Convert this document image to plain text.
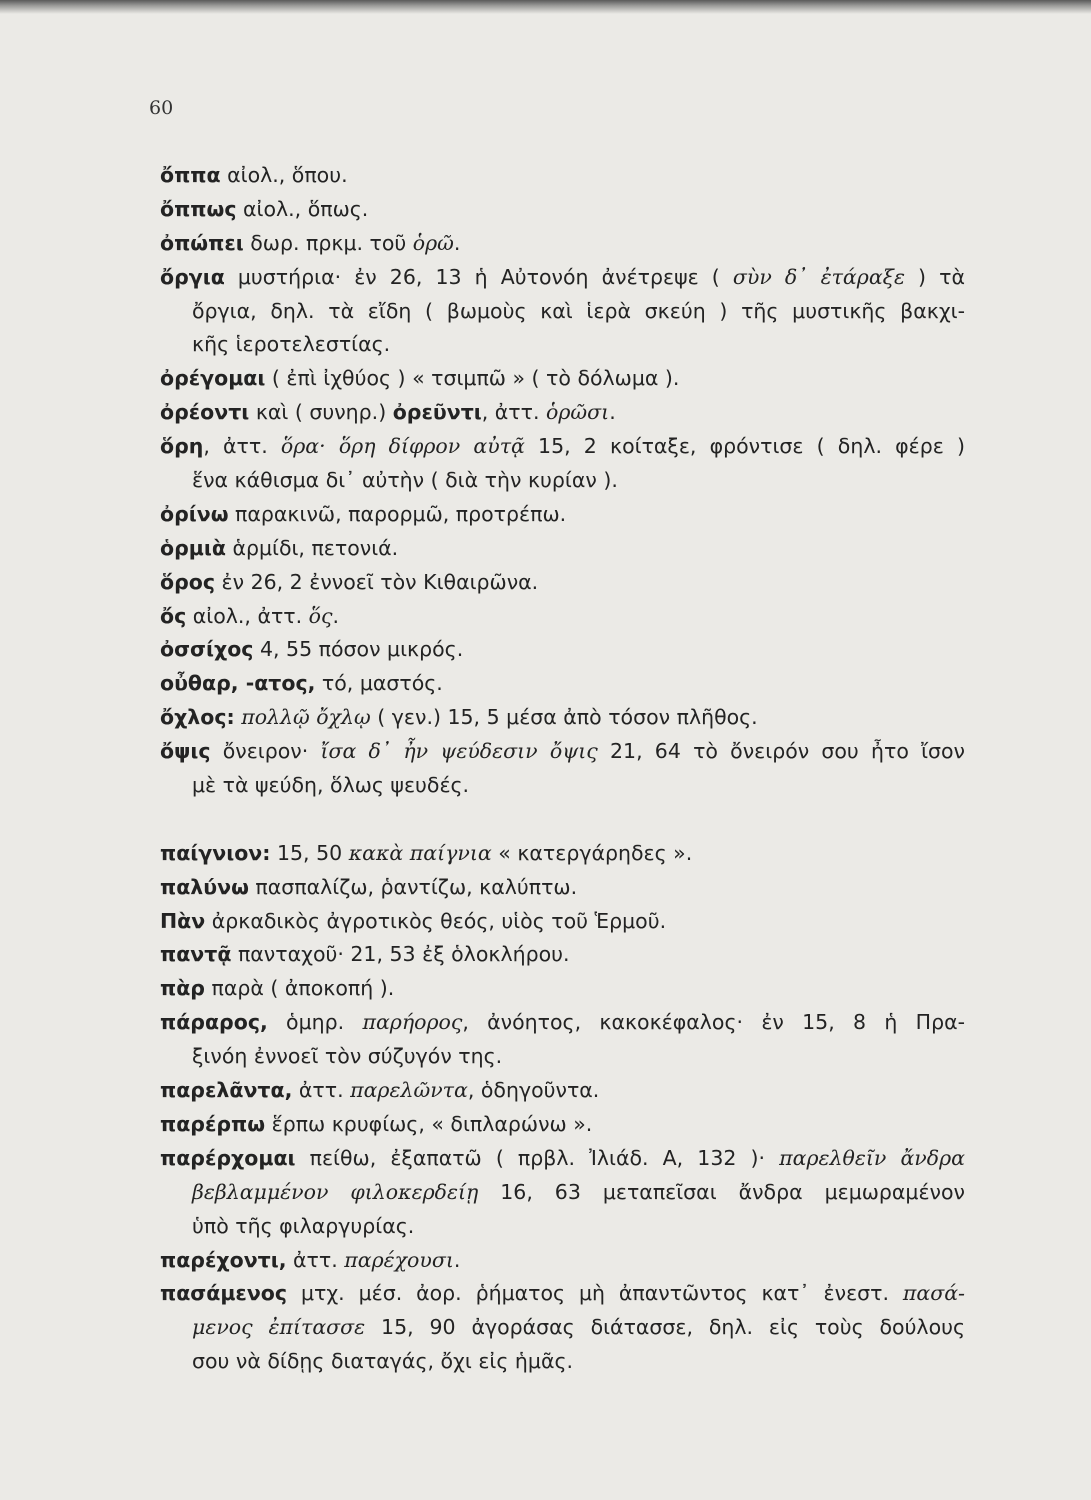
60
ὄππα αἰολ., ὅπου.
ὄππως αἰολ., ὅπως.
ὀπώπει δωρ. πρκμ. τοῦ ὁρῶ.
ὄργια μυστήρια· ἐν 26, 13 ἡ Αὐτονόη ἀνέτρεψε ( σὺν δ᾽ ἐτάραξε ) τὰ
ὄργια, δηλ. τὰ εἴδη ( βωμοὺς καὶ ἱερὰ σκεύη ) τῆς μυστικῆς βακχι-
κῆς ἱεροτελεστίας.
ὀρέγομαι ( ἐπὶ ἰχθύος ) « τσιμπῶ » ( τὸ δόλωμα ).
ὀρέοντι καὶ ( συνηρ.) ὀρεῦντι, ἀττ. ὁρῶσι.
ὅρη, ἀττ. ὅρα· ὅρη δίφρον αὐτᾷ 15, 2 κοίταξε, φρόντισε ( δηλ. φέρε )
ἕνα κάθισμα δι᾽ αὐτὴν ( διὰ τὴν κυρίαν ).
ὀρίνω παρακινῶ, παρορμῶ, προτρέπω.
ὁρμιὰ ἁρμίδι, πετονιά.
ὅρος ἐν 26, 2 ἐννοεῖ τὸν Κιθαιρῶνα.
ὄς αἰολ., ἀττ. ὅς.
ὀσσίχος 4, 55 πόσον μικρός.
οὖθαρ, -ατος, τό, μαστός.
ὄχλος: πολλῷ ὄχλῳ ( γεν.) 15, 5 μέσα ἀπὸ τόσον πλῆθος.
ὄψις ὄνειρον· ἴσα δ᾽ ἦν ψεύδεσιν ὄψις 21, 64 τὸ ὄνειρόν σου ἦτο ἴσον
μὲ τὰ ψεύδη, ὅλως ψευδές.
παίγνιον: 15, 50 κακὰ παίγνια « κατεργάρηδες ».
παλύνω πασπαλίζω, ῥαντίζω, καλύπτω.
Πὰν ἀρκαδικὸς ἀγροτικὸς θεός, υἱὸς τοῦ Ἑρμοῦ.
παντᾷ πανταχοῦ· 21, 53 ἐξ ὁλοκλήρου.
πὰρ παρὰ ( ἀποκοπή ).
πάραρος, ὁμηρ. παρήορος, ἀνόητος, κακοκέφαλος· ἐν 15, 8 ἡ Πρα-
ξινόη ἐννοεῖ τὸν σύζυγόν της.
παρελᾶντα, ἀττ. παρελῶντα, ὁδηγοῦντα.
παρέρπω ἕρπω κρυφίως, « διπλαρώνω ».
παρέρχομαι πείθω, ἐξαπατῶ ( πρβλ. Ἰλιάδ. Α, 132 )· παρελθεῖν ἄνδρα
βεβλαμμένον φιλοκερδείῃ 16, 63 μεταπεῖσαι ἄνδρα μεμωραμένον
ὑπὸ τῆς φιλαργυρίας.
παρέχοντι, ἀττ. παρέχουσι.
πασάμενος μτχ. μέσ. ἀορ. ῥήματος μὴ ἀπαντῶντος κατ᾽ ἐνεστ. πασά-
μενος ἐπίτασσε 15, 90 ἀγοράσας διάτασσε, δηλ. εἰς τοὺς δούλους
σου νὰ δίδῃς διαταγάς, ὄχι εἰς ἡμᾶς.
